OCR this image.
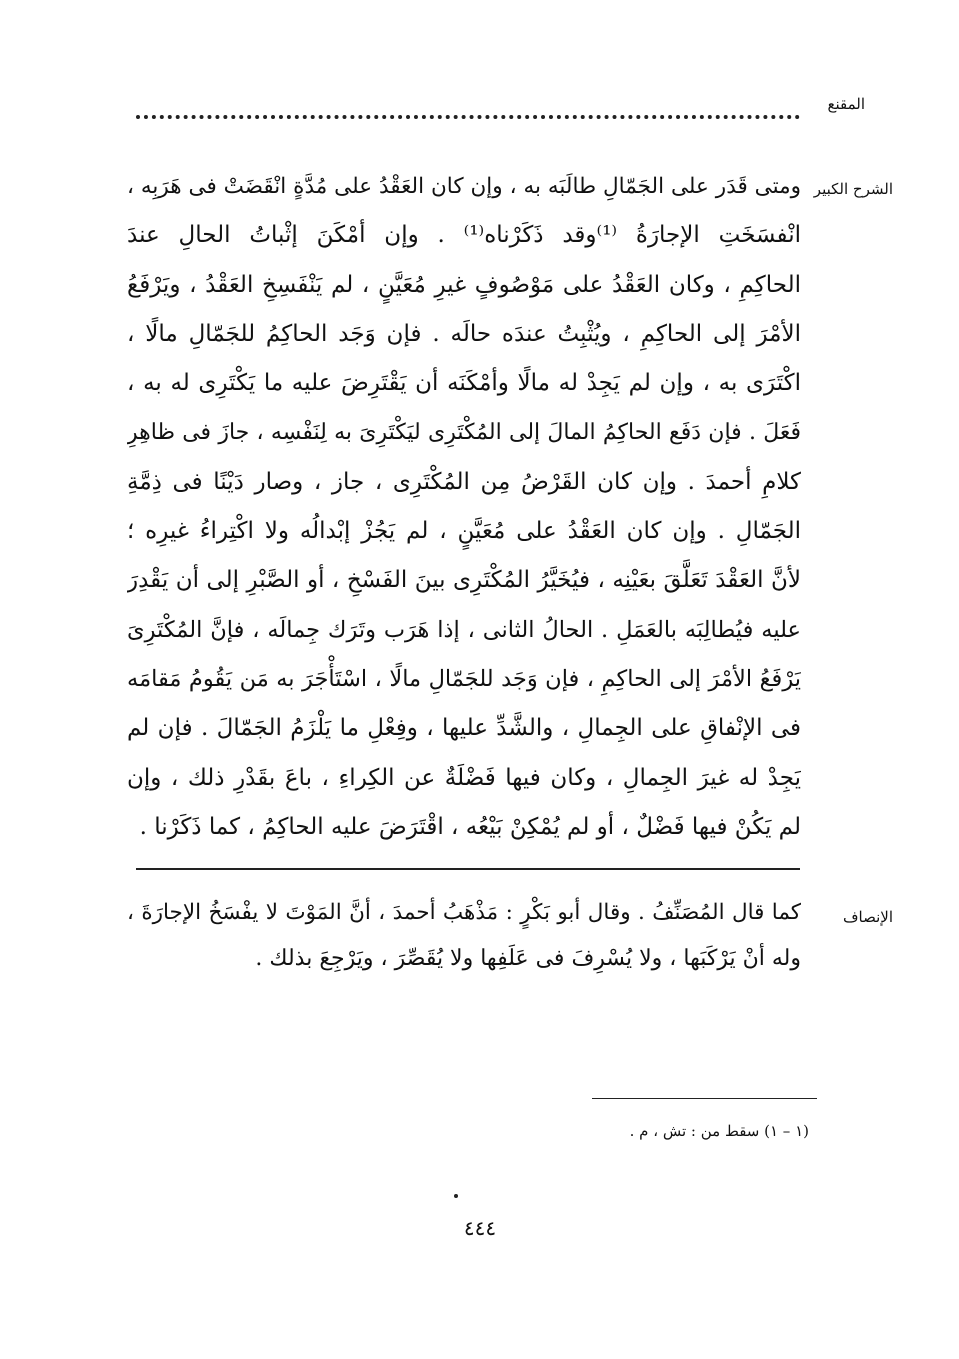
المقنع
الشرح الكبير
ومتى قَدَر على الجَمّالِ طالَبَه به ، وإن كان العَقْدُ على مُدَّةٍ انْقَضَتْ فى هَرَبِه ،
انْفسَخَتِ الإجارَةُ ⁽¹⁾وقد ذَكَرْناه⁽¹⁾ . وإن أمْكَنَ إثْباتُ الحالِ عندَ
الحاكِمِ ، وكان العَقْدُ على مَوْصُوفٍ غيرِ مُعَيَّنٍ ، لم يَنْفَسِخِ العَقْدُ ، ويَرْفَعُ
الأمْرَ إلى الحاكِمِ ، ويُثْبِتُ عندَه حالَه . فإن وَجَد الحاكِمُ للجَمّالِ مالًا ،
اكْتَرَى به ، وإن لم يَجِدْ له مالًا وأمْكَنَه أن يَقْتَرِضَ عليه ما يَكْتَرِى له به ،
فَعَلَ . فإن دَفَع الحاكِمُ المالَ إلى المُكْتَرِى ليَكْتَرِىَ به لِنَفْسِه ، جازَ فى ظاهِرِ
كلامِ أحمدَ . وإن كان القَرْضُ مِن المُكْتَرِى ، جاز ، وصار دَيْنًا فى ذِمَّةِ
الجَمّالِ . وإن كان العَقْدُ على مُعَيَّنٍ ، لم يَجُزْ إبْدالُه ولا اكْتِراءُ غيرِه ؛
لأنَّ العَقْدَ تَعَلَّقَ بعَيْنِه ، فيُخَيَّرُ المُكْتَرِى بينَ الفَسْخِ ، أو الصَّبْرِ إلى أن يَقْدِرَ
عليه فيُطالِبَه بالعَمَلِ . الحالُ الثانى ، إذا هَرَب وتَرَك جِمالَه ، فإنَّ المُكْتَرِىَ
يَرْفَعُ الأمْرَ إلى الحاكِمِ ، فإن وَجَد للجَمّالِ مالًا ، اسْتَأْجَرَ به مَن يَقُومُ مَقامَه
فى الإنْفاقِ على الجِمالِ ، والشَّدِّ عليها ، وفِعْلِ ما يَلْزَمُ الجَمّالَ . فإن لم
يَجِدْ له غيرَ الجِمالِ ، وكان فيها فَضْلَةٌ عن الكِراءِ ، باعَ بقَدْرِ ذلك ، وإن
لم يَكُنْ فيها فَضْلٌ ، أو لم يُمْكِنْ بَيْعُه ، اقْتَرَضَ عليه الحاكِمُ ، كما ذَكَرْنا .
الإنصاف
كما قال المُصَنِّفُ . وقال أبو بَكْرٍ : مَذْهَبُ أحمدَ ، أنَّ المَوْتَ لا يفْسَخُ الإجارَةَ ،
وله أنْ يَرْكَبَها ، ولا يُسْرِفَ فى عَلَفِها ولا يُقَصِّرَ ، ويَرْجِعَ بذلك .
(١ – ١) سقط من : تش ، م .
٤٤٤
